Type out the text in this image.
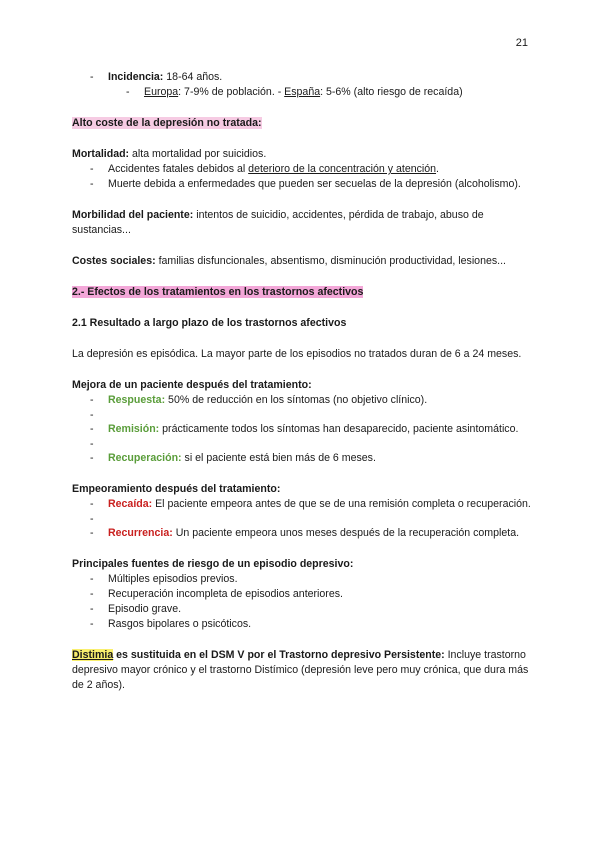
21
- Incidencia: 18-64 años.
- Europa: 7-9% de población. - España: 5-6% (alto riesgo de recaída)

Alto coste de la depresión no tratada:

Mortalidad: alta mortalidad por suicidios.

- Accidentes fatales debidos al deterioro de la concentración y atención.
- Muerte debida a enfermedades que pueden ser secuelas de la depresión (alcoholismo).

Morbilidad del paciente: intentos de suicidio, accidentes, pérdida de trabajo, abuso de sustancias...

Costes sociales: familias disfuncionales, absentismo, disminución productividad, lesiones...

2.- Efectos de los tratamientos en los trastornos afectivos

2.1 Resultado a largo plazo de los trastornos afectivos

La depresión es episódica. La mayor parte de los episodios no tratados duran de 6 a 24 meses.

Mejora de un paciente después del tratamiento:

- Respuesta: 50% de reducción en los síntomas (no objetivo clínico).
-
- Remisión: prácticamente todos los síntomas han desaparecido, paciente asintomático.
-
- Recuperación: si el paciente está bien más de 6 meses.

Empeoramiento después del tratamiento:

- Recaída: El paciente empeora antes de que se de una remisión completa o recuperación.
-
- Recurrencia: Un paciente empeora unos meses después de la recuperación completa.

Principales fuentes de riesgo de un episodio depresivo:

- Múltiples episodios previos.
- Recuperación incompleta de episodios anteriores.
- Episodio grave.
- Rasgos bipolares o psicóticos.

Distimia es sustituida en el DSM V por el Trastorno depresivo Persistente: Incluye trastorno depresivo mayor crónico y el trastorno Distímico (depresión leve pero muy crónica, que dura más de 2 años).
